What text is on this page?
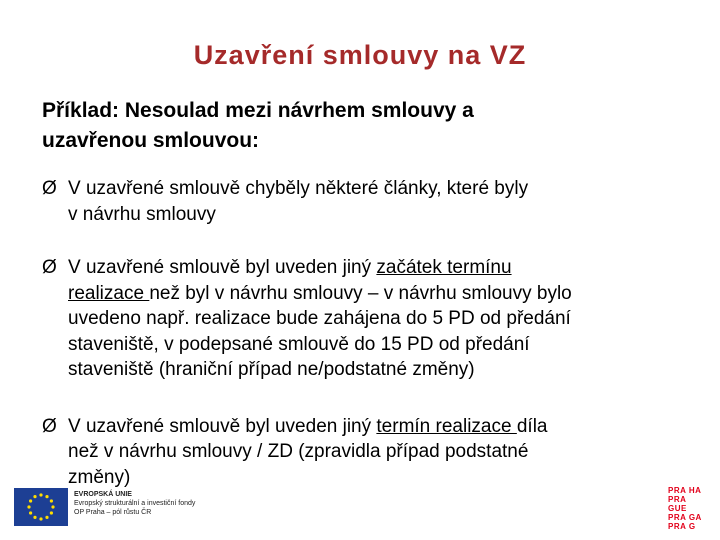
Uzavření smlouvy na VZ
Příklad: Nesoulad mezi návrhem smlouvy a
uzavřenou smlouvou:
Ø V uzavřené smlouvě chyběly některé články, které byly
v návrhu smlouvy
Ø V uzavřené smlouvě byl uveden jiný začátek termínu
realizace než byl v návrhu smlouvy – v návrhu smlouvy bylo
uvedeno např. realizace bude zahájena do 5 PD od předání
staveniště, v podepsané smlouvě do 15 PD od předání
staveniště (hraniční případ ne/podstatné změny)
Ø V uzavřené smlouvě byl uveden jiný termín realizace díla
než v návrhu smlouvy / ZD (zpravidla případ podstatné
změny)
EVROPSKÁ UNIE
Evropský strukturální a investiční fondy
OP Praha – pól růstu ČR
PRA HA
PRA GUE
PRA GA
PRA G
